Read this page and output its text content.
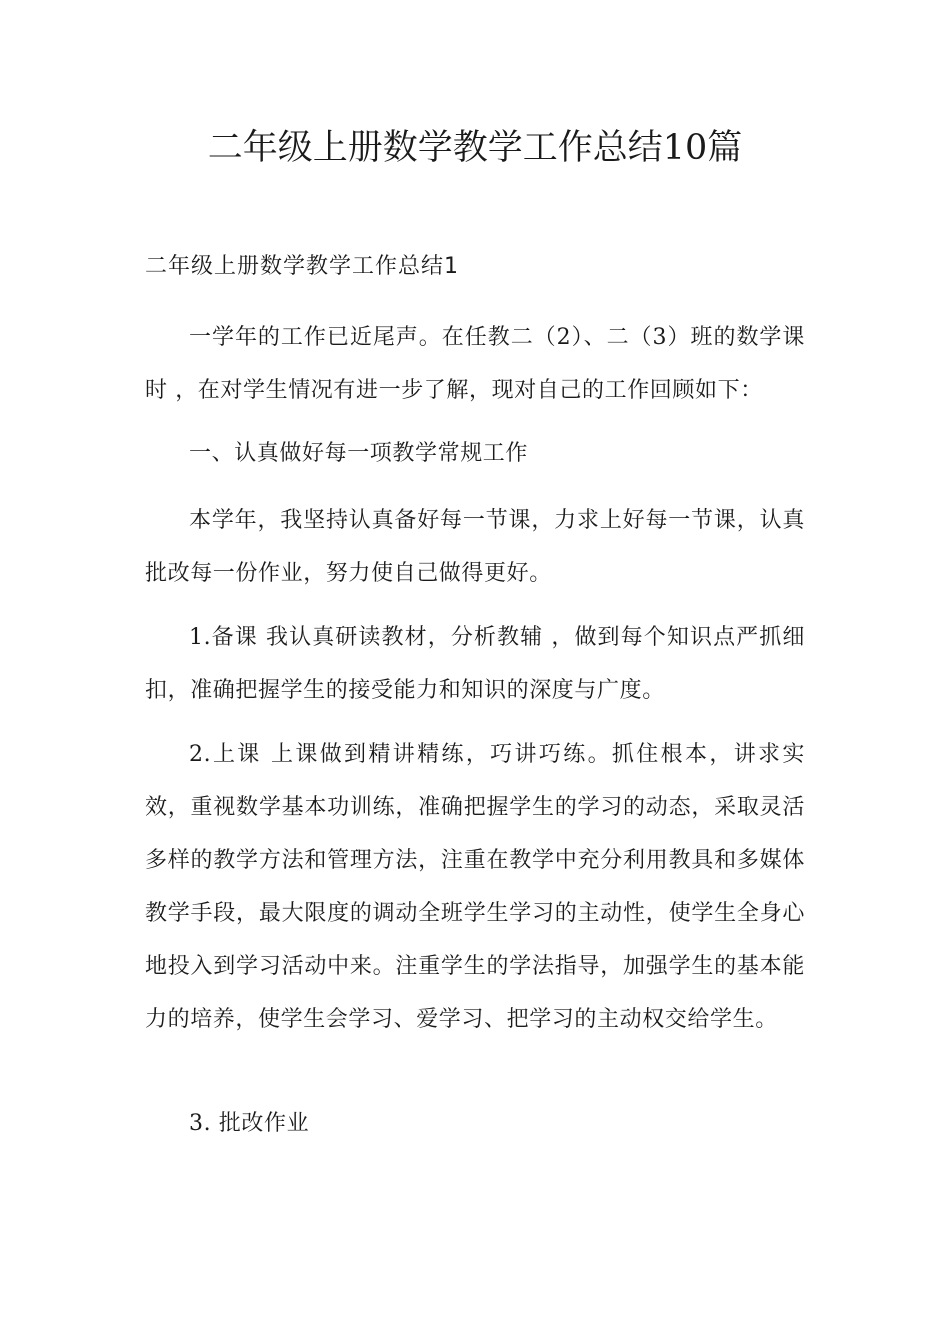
二年级上册数学教学工作总结10篇
二年级上册数学教学工作总结1

一学年的工作已近尾声。在任教二（2）、二（3）班的数学课时 ，在对学生情况有进一步了解，现对自己的工作回顾如下：

一、认真做好每一项教学常规工作

本学年，我坚持认真备好每一节课，力求上好每一节课，认真批改每一份作业，努力使自己做得更好。

1.备课 我认真研读教材，分析教辅 ，做到每个知识点严抓细扣，准确把握学生的接受能力和知识的深度与广度。

2.上课 上课做到精讲精练，巧讲巧练。抓住根本，讲求实效，重视数学基本功训练，准确把握学生的学习的动态，采取灵活多样的教学方法和管理方法，注重在教学中充分利用教具和多媒体教学手段，最大限度的调动全班学生学习的主动性，使学生全身心地投入到学习活动中来。注重学生的学法指导，加强学生的基本能力的培养，使学生会学习、爱学习、把学习的主动权交给学生。

3. 批改作业
